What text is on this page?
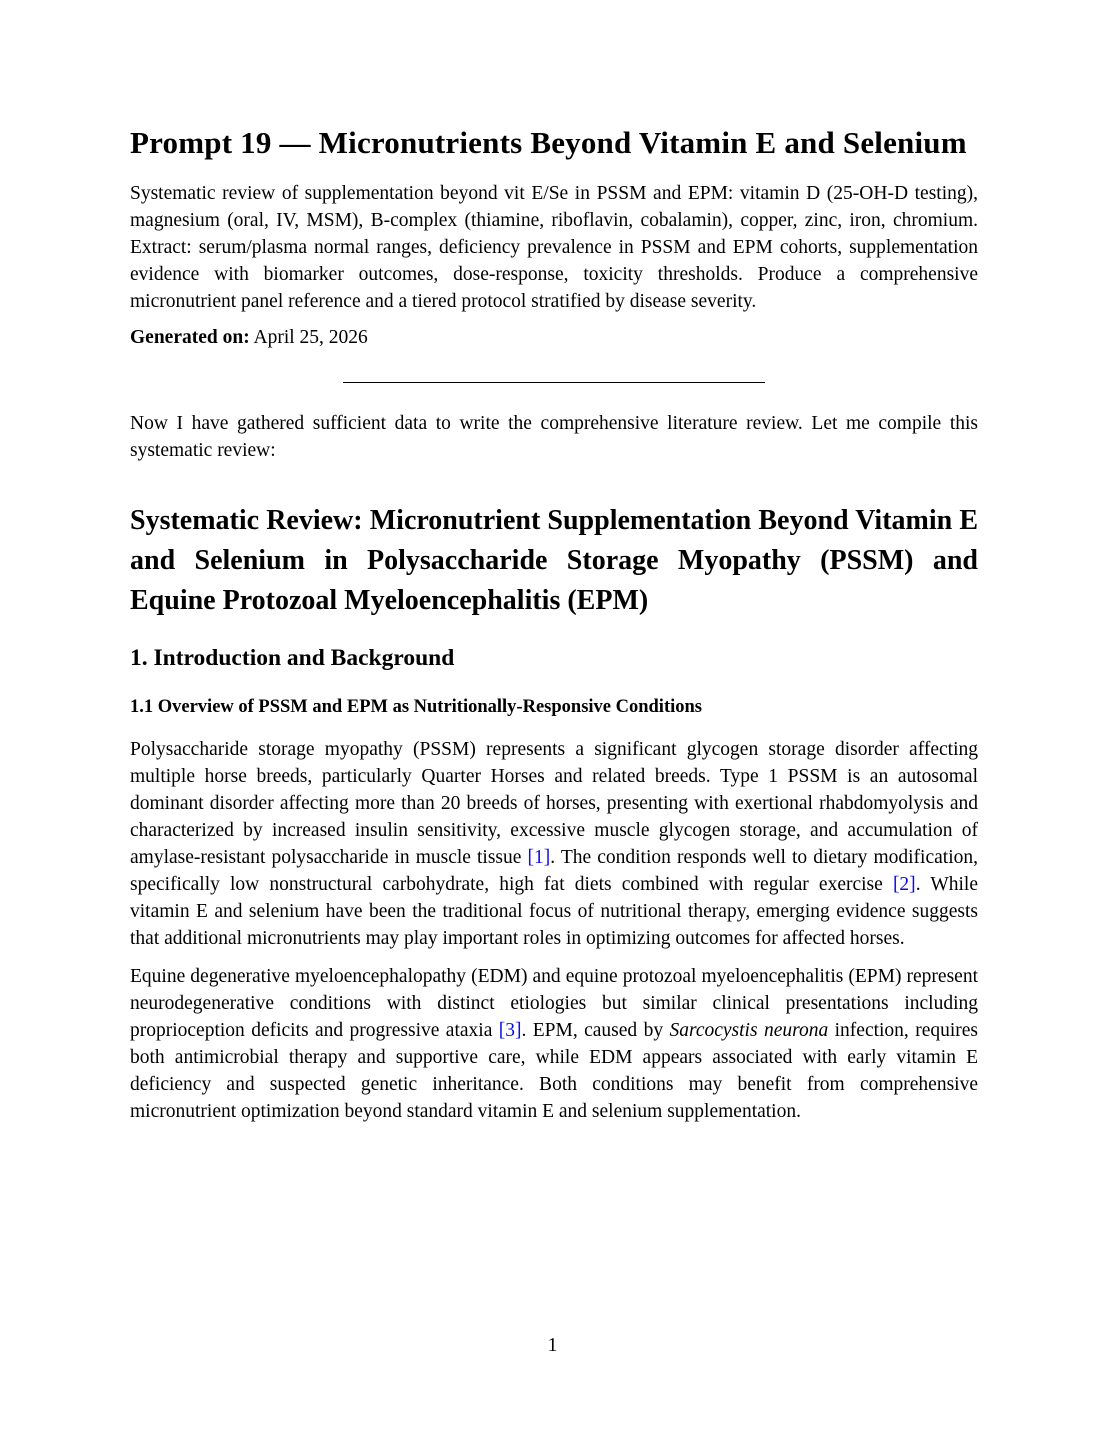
Prompt 19 — Micronutrients Beyond Vitamin E and Selenium

Systematic review of supplementation beyond vit E/Se in PSSM and EPM: vitamin D (25-OH-D testing), magnesium (oral, IV, MSM), B-complex (thiamine, riboflavin, cobalamin), copper, zinc, iron, chromium. Extract: serum/plasma normal ranges, deficiency prevalence in PSSM and EPM cohorts, supplementation evidence with biomarker outcomes, dose-response, toxicity thresholds. Produce a comprehensive micronutrient panel reference and a tiered protocol stratified by disease severity.

Generated on: April 25, 2026

Now I have gathered sufficient data to write the comprehensive literature review. Let me compile this systematic review:

Systematic Review: Micronutrient Supplementation Beyond Vitamin E and Selenium in Polysaccharide Storage Myopathy (PSSM) and Equine Protozoal Myeloencephalitis (EPM)
1. Introduction and Background
1.1 Overview of PSSM and EPM as Nutritionally-Responsive Conditions

Polysaccharide storage myopathy (PSSM) represents a significant glycogen storage disorder affecting multiple horse breeds, particularly Quarter Horses and related breeds. Type 1 PSSM is an autosomal dominant disorder affecting more than 20 breeds of horses, presenting with exertional rhabdomyolysis and characterized by increased insulin sensitivity, excessive muscle glycogen storage, and accumulation of amylase-resistant polysaccharide in muscle tissue [1]. The condition responds well to dietary modification, specifically low nonstructural carbohydrate, high fat diets combined with regular exercise [2]. While vitamin E and selenium have been the traditional focus of nutritional therapy, emerging evidence suggests that additional micronutrients may play important roles in optimizing outcomes for affected horses.

Equine degenerative myeloencephalopathy (EDM) and equine protozoal myeloencephalitis (EPM) represent neurodegenerative conditions with distinct etiologies but similar clinical presentations including proprioception deficits and progressive ataxia [3]. EPM, caused by Sarcocystis neurona infection, requires both antimicrobial therapy and supportive care, while EDM appears associated with early vitamin E deficiency and suspected genetic inheritance. Both conditions may benefit from comprehensive micronutrient optimization beyond standard vitamin E and selenium supplementation.

1
